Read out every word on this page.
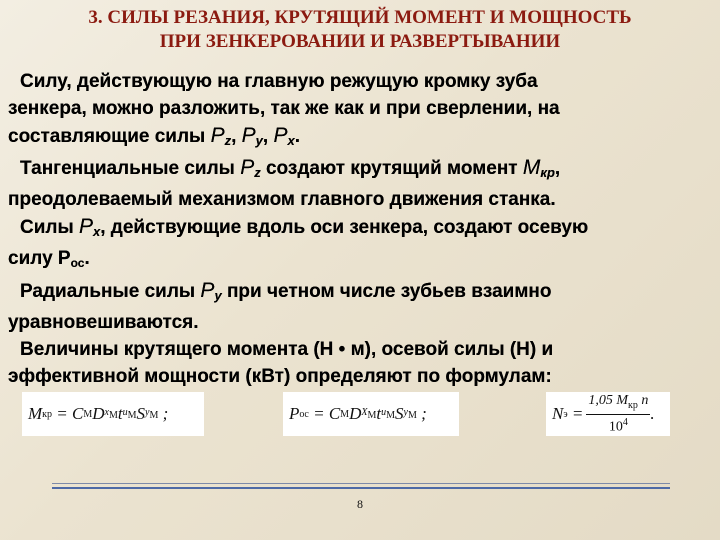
3. СИЛЫ РЕЗАНИЯ, КРУТЯЩИЙ МОМЕНТ И МОЩНОСТЬ
ПРИ ЗЕНКЕРОВАНИИ И РАЗВЕРТЫВАНИИ

Силу, действующую на главную режущую кромку зуба

зенкера, можно разложить, так же как и при сверлении, на

составляющие силы $P_z$, $P_y$, $P_x$.

Тангенциальные силы $P_z$ создают крутящий момент $M_{кр}$,

преодолеваемый механизмом главного движения станка.

Силы $P_x$, действующие вдоль оси зенкера, создают осевую

силу Рос.

Радиальные силы $P_y$ при четном числе зубьев взаимно

уравновешиваются.

Величины крутящего момента (Н • м), осевой силы (Н) и

эффективной мощности (кВт) определяют по формулам:

M кр
= C M D $x_M$ t $u_M$ S $y_M$
;	P oc
= C M D $X_M$ t $u_M$ S $y_M$
;	N э
= $\frac{1,05 M_{кр} n}{10^4}$ .
8
